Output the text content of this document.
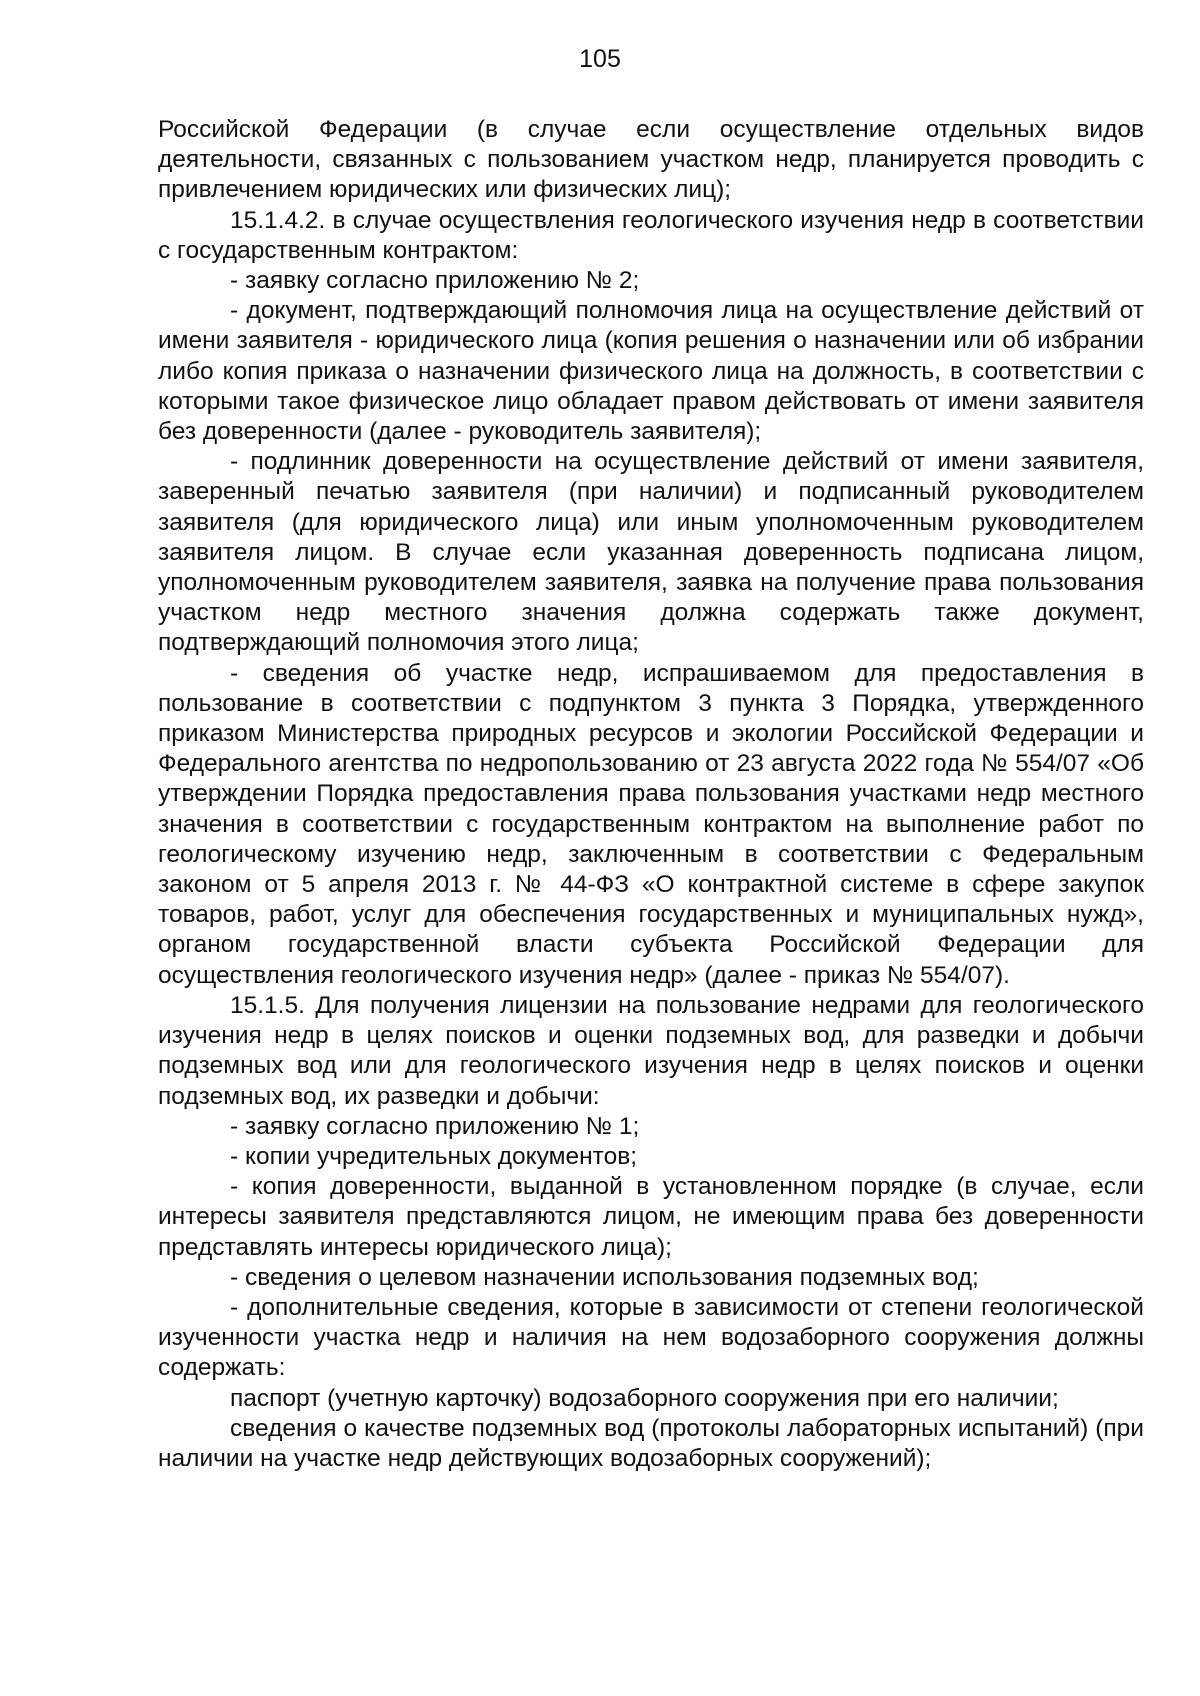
105

Российской Федерации (в случае если осуществление отдельных видов деятельности, связанных с пользованием участком недр, планируется проводить с привлечением юридических или физических лиц);

15.1.4.2. в случае осуществления геологического изучения недр в соответствии с государственным контрактом:

- заявку согласно приложению № 2;

- документ, подтверждающий полномочия лица на осуществление действий от имени заявителя - юридического лица (копия решения о назначении или об избрании либо копия приказа о назначении физического лица на должность, в соответствии с которыми такое физическое лицо обладает правом действовать от имени заявителя без доверенности (далее - руководитель заявителя);

- подлинник доверенности на осуществление действий от имени заявителя, заверенный печатью заявителя (при наличии) и подписанный руководителем заявителя (для юридического лица) или иным уполномоченным руководителем заявителя лицом. В случае если указанная доверенность подписана лицом, уполномоченным руководителем заявителя, заявка на получение права пользования участком недр местного значения должна содержать также документ, подтверждающий полномочия этого лица;

- сведения об участке недр, испрашиваемом для предоставления в пользование в соответствии с подпунктом 3 пункта 3 Порядка, утвержденного приказом Министерства природных ресурсов и экологии Российской Федерации и Федерального агентства по недропользованию от 23 августа 2022 года № 554/07 «Об утверждении Порядка предоставления права пользования участками недр местного значения в соответствии с государственным контрактом на выполнение работ по геологическому изучению недр, заключенным в соответствии с Федеральным законом от 5 апреля 2013 г. № 44-ФЗ «О контрактной системе в сфере закупок товаров, работ, услуг для обеспечения государственных и муниципальных нужд», органом государственной власти субъекта Российской Федерации для осуществления геологического изучения недр» (далее - приказ № 554/07).

15.1.5. Для получения лицензии на пользование недрами для геологического изучения недр в целях поисков и оценки подземных вод, для разведки и добычи подземных вод или для геологического изучения недр в целях поисков и оценки подземных вод, их разведки и добычи:

- заявку согласно приложению № 1;

- копии учредительных документов;

- копия доверенности, выданной в установленном порядке (в случае, если интересы заявителя представляются лицом, не имеющим права без доверенности представлять интересы юридического лица);

- сведения о целевом назначении использования подземных вод;

- дополнительные сведения, которые в зависимости от степени геологической изученности участка недр и наличия на нем водозаборного сооружения должны содержать:

паспорт (учетную карточку) водозаборного сооружения при его наличии;

сведения о качестве подземных вод (протоколы лабораторных испытаний) (при наличии на участке недр действующих водозаборных сооружений);
